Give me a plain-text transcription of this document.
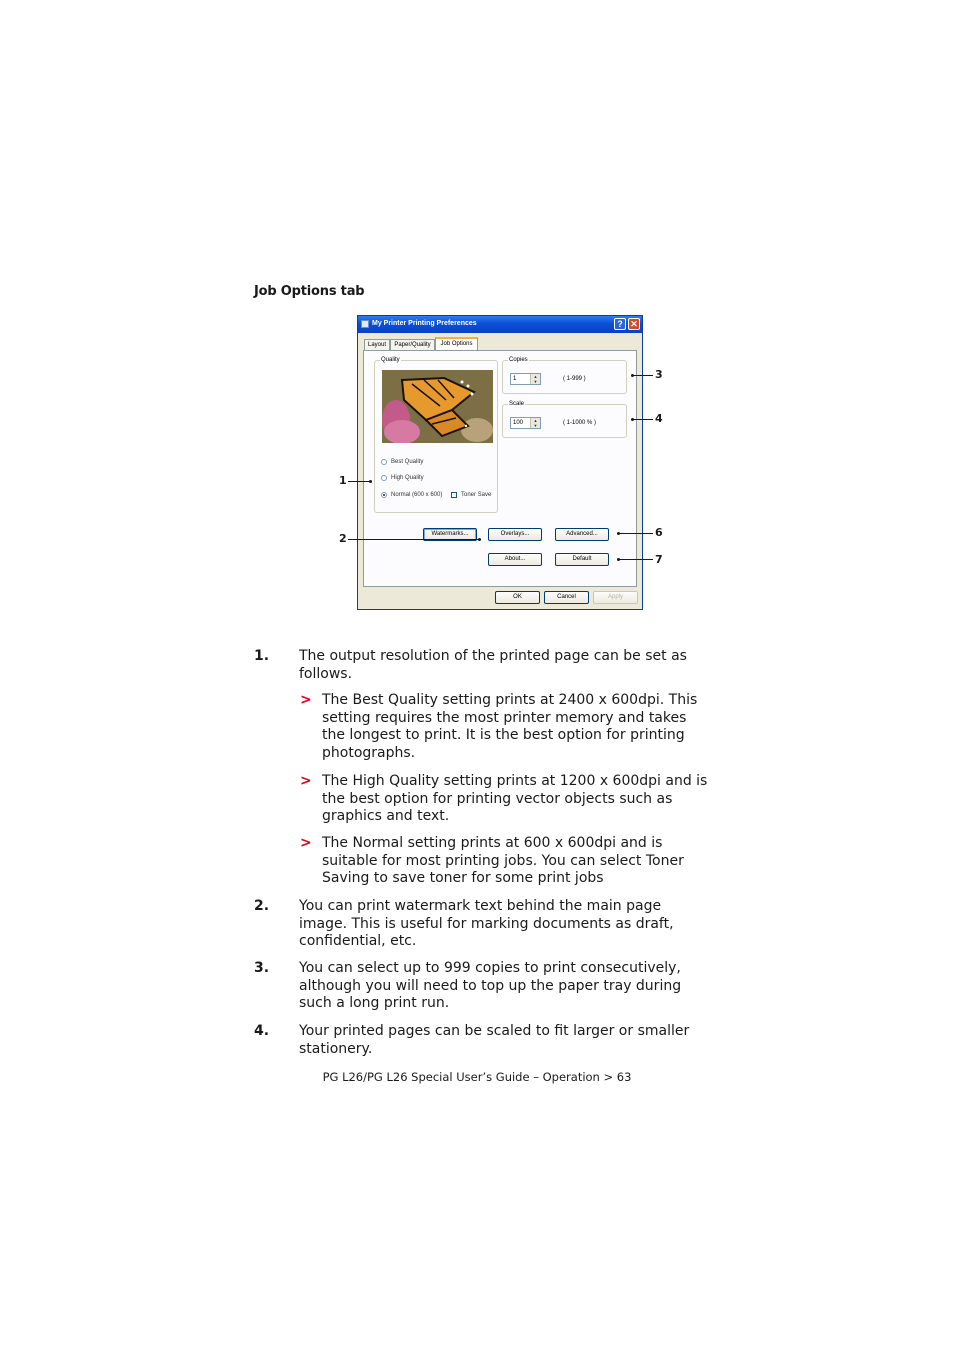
Job Options tab
My Printer Printing Preferences	? ✕
Layout	Paper/Quality	Job Options
Quality
Best Quality
High Quality
Normal (600 x 600)	Toner Save
Copies
1	▲
▼	( 1-999 )
Scale
100	▲
▼	( 1-1000 % )
Watermarks...	Overlays...	Advanced...
About...	Default
OK	Cancel	Apply
1
2
3
4
6
7
1. The output resolution of the printed page can be set as
follows.
> The Best Quality setting prints at 2400 x 600dpi. This
setting requires the most printer memory and takes
the longest to print. It is the best option for printing
photographs.
> The High Quality setting prints at 1200 x 600dpi and is
the best option for printing vector objects such as
graphics and text.
> The Normal setting prints at 600 x 600dpi and is
suitable for most printing jobs. You can select Toner
Saving to save toner for some print jobs
2. You can print watermark text behind the main page
image. This is useful for marking documents as draft,
confidential, etc.
3. You can select up to 999 copies to print consecutively,
although you will need to top up the paper tray during
such a long print run.
4. Your printed pages can be scaled to fit larger or smaller
stationery.
PG L26/PG L26 Special User’s Guide – Operation > 63
